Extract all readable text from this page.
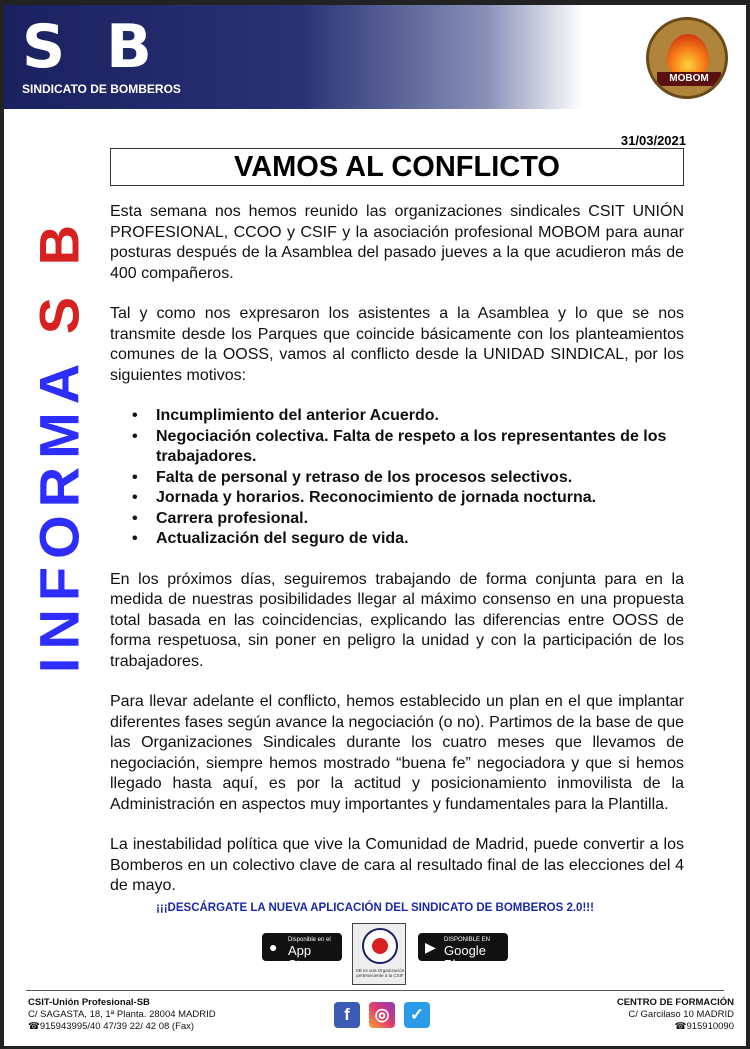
S B
SINDICATO DE BOMBEROS
MOBOM
INFORMA S B
31/03/2021
VAMOS AL CONFLICTO

Esta semana nos hemos reunido las organizaciones sindicales CSIT UNIÓN PROFESIONAL, CCOO y CSIF y la asociación profesional MOBOM para aunar posturas después de la Asamblea del pasado jueves a la que acudieron más de 400 compañeros.

Tal y como nos expresaron los asistentes a la Asamblea y lo que se nos transmite desde los Parques que coincide básicamente con los planteamientos comunes de la OOSS, vamos al conflicto desde la UNIDAD SINDICAL, por los siguientes motivos:

• Incumplimiento del anterior Acuerdo.
• Negociación colectiva. Falta de respeto a los representantes de los trabajadores.
• Falta de personal y retraso de los procesos selectivos.
• Jornada y horarios. Reconocimiento de jornada nocturna.
• Carrera profesional.
• Actualización del seguro de vida.

En los próximos días, seguiremos trabajando de forma conjunta para en la medida de nuestras posibilidades llegar al máximo consenso en una propuesta total basada en las coincidencias, explicando las diferencias entre OOSS de forma respetuosa, sin poner en peligro la unidad y con la participación de los trabajadores.

Para llevar adelante el conflicto, hemos establecido un plan en el que implantar diferentes fases según avance la negociación (o no). Partimos de la base de que las Organizaciones Sindicales durante los cuatro meses que llevamos de negociación, siempre hemos mostrado “buena fe” negociadora y que si hemos llegado hasta aquí, es por la actitud y posicionamiento inmovilista de la Administración en aspectos muy importantes y fundamentales para la Plantilla.

La inestabilidad política que vive la Comunidad de Madrid, puede convertir a los Bomberos en un colectivo clave de cara al resultado final de las elecciones del 4 de mayo.

¡¡¡DESCÁRGATE LA NUEVA APLICACIÓN DEL SINDICATO DE BOMBEROS 2.0!!!
● Disponible en el
App Store	SB es una Organización perteneciente a la CSIF
▶ DISPONIBLE EN
Google Play
CSIT-Unión Profesional-SB
C/ SAGASTA, 18, 1ª Planta. 28004 MADRID
☎915943995/40 47/39 22/ 42 08 (Fax)
f	◎	✓
CENTRO DE FORMACIÓN
C/ Garcilaso 10 MADRID
☎915910090
